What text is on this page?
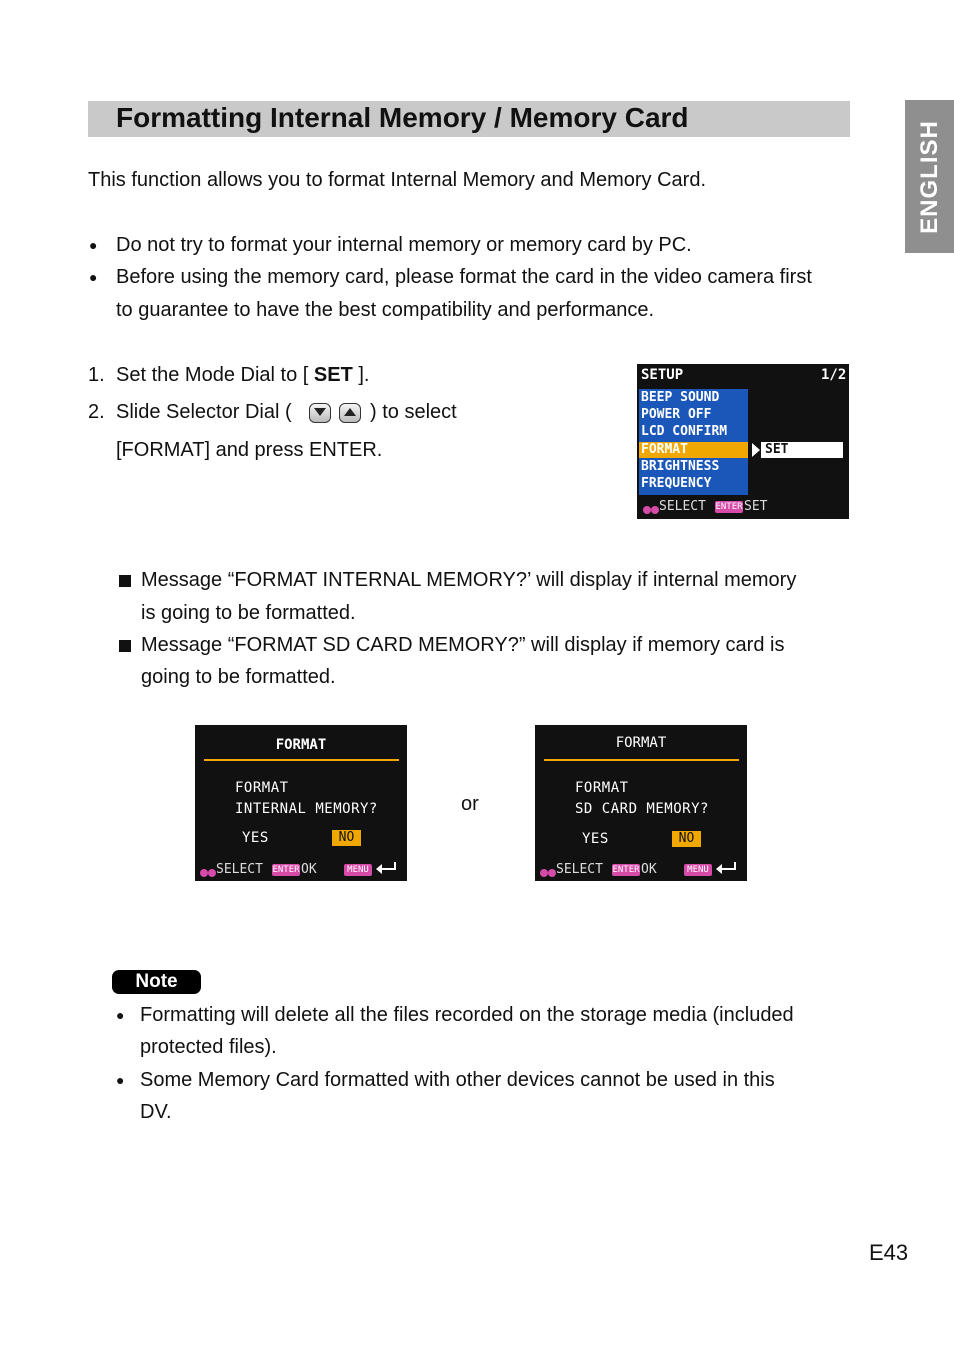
Formatting Internal Memory / Memory Card
ENGLISH
This function allows you to format Internal Memory and Memory Card.
● Do not try to format your internal memory or memory card by PC.
● Before using the memory card, please format the card in the video camera first
to guarantee to have the best compatibility and performance.
1. Set the Mode Dial to [ SET ].
2. Slide Selector Dial (	) to select
[FORMAT] and press ENTER.
SETUP	1/2
BEEP SOUND
POWER OFF
LCD CONFIRM
FORMAT
BRIGHTNESS
FREQUENCY
SET
SELECT ENTER SET
Message “FORMAT INTERNAL MEMORY?’ will display if internal memory
is going to be formatted.
Message “FORMAT SD CARD MEMORY?” will display if memory card is
going to be formatted.
FORMAT
FORMAT
INTERNAL MEMORY?
YES	NO
SELECT ENTER OK	MENU
or
FORMAT
FORMAT
SD CARD MEMORY?
YES	NO
SELECT ENTER OK	MENU
Note
● Formatting will delete all the files recorded on the storage media (included
protected files).
● Some Memory Card formatted with other devices cannot be used in this
DV.
E43
